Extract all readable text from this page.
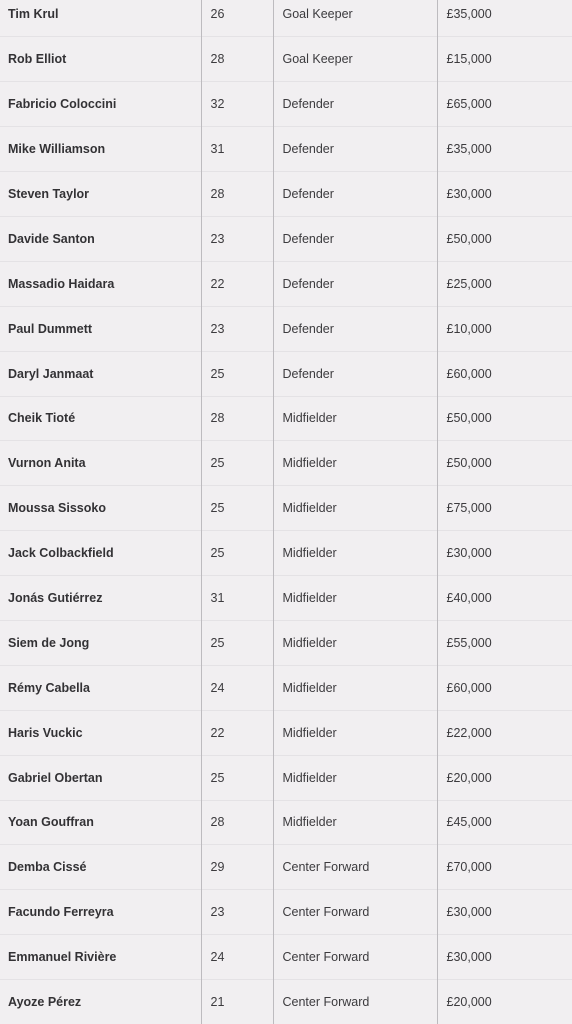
Tim Krul	26	Goal Keeper	£35,000
Rob Elliot	28	Goal Keeper	£15,000
Fabricio Coloccini	32	Defender	£65,000
Mike Williamson	31	Defender	£35,000
Steven Taylor	28	Defender	£30,000
Davide Santon	23	Defender	£50,000
Massadio Haidara	22	Defender	£25,000
Paul Dummett	23	Defender	£10,000
Daryl Janmaat	25	Defender	£60,000
Cheik Tioté	28	Midfielder	£50,000
Vurnon Anita	25	Midfielder	£50,000
Moussa Sissoko	25	Midfielder	£75,000
Jack Colbackfield	25	Midfielder	£30,000
Jonás Gutiérrez	31	Midfielder	£40,000
Siem de Jong	25	Midfielder	£55,000
Rémy Cabella	24	Midfielder	£60,000
Haris Vuckic	22	Midfielder	£22,000
Gabriel Obertan	25	Midfielder	£20,000
Yoan Gouffran	28	Midfielder	£45,000
Demba Cissé	29	Center Forward	£70,000
Facundo Ferreyra	23	Center Forward	£30,000
Emmanuel Rivière	24	Center Forward	£30,000
Ayoze Pérez	21	Center Forward	£20,000
